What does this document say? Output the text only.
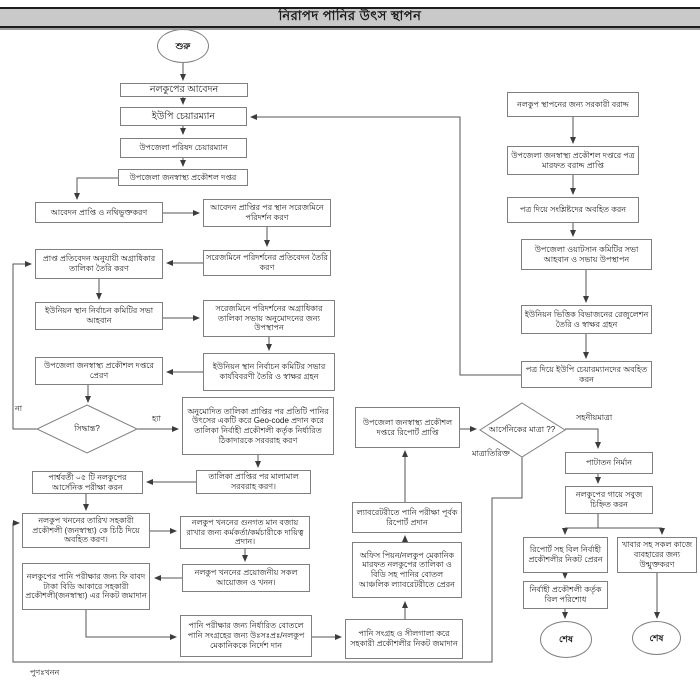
নিরাপদ পানির উৎস স্থাপন
শুরু
নলকুপের আবেদন
ইউপি চেয়ারম্যান
উপজেলা পরিষদ চেয়ারম্যান
উপজেলা জনস্বাস্থ্য প্রকৌশল দপ্তর
আবেদন প্রাপ্তি ও নথিভুক্তকরণ	আবেদন প্রাপ্তির পর স্থান সরেজমিনে পরিদর্শন করণ
প্রাপ্ত প্রতিবেদন অনুযায়ী অগ্রাধিকার তালিকা তৈরি করণ
সরেজমিনে পরিদর্শনের প্রতিবেদন তৈরি করণ
ইউনিয়ন স্থান নির্বাচন কমিটির সভা আহবান
সরেজমিনে পরিদর্শনের অগ্রাধিকার তালিকা সভায় অনুমোদনের জন্য উপস্থাপন
উপজেলা জনস্বাস্থ্য প্রকৌশল দপ্তরে প্রেরণ
ইউনিয়ন স্থান নির্বাচন কমিটির সভার কার্যবিবরণী তৈরি ও স্বাক্ষর গ্রহন
সিদ্ধান্ত?
অনুমোদিত তালিকা প্রাপ্তির পর প্রতিটি পানির উৎসের একটি করে Geo-code প্রদান করে তালিকা নির্বাহী প্রকৌশলী কর্তৃক নির্ধারিত ঠিকাদারকে সরবরাহ করণ
তালিকা প্রাপ্তির পর মালামাল সরবরাহ করণ।
পার্শ্ববর্তী ০৫ টি নলকুপের আর্সেনিক পরীক্ষা করন
নলকুপ খননের তারিখ সহকারী প্রকৌশলী (জনস্বাস্থ্য) কে চিঠি দিয়ে অবহিত করণ।
নলকুপ খননের গুনগত মান বজায় রাখার জন্য কর্মকর্তা/কর্মচারীকে দায়িত্ব প্রদান।
নলকুপের পানি পরীক্ষার জন্য ফি বাবদ টাকা বিডি আকারে সহকারী প্রকৌশলী(জনস্বাস্থ্য) এর নিকট জমাদান
নলকুপ খননের প্রয়োজনীয় সকল আয়োজন ও খনন।
পানি পরীক্ষার জন্য নির্ধারিত বোতলে পানি সংগ্রহের জন্য উঃসঃপ্রঃ/নলকুপ মেকানিককে নির্দেশ দান
পানি সংগ্রহ ও সীলগালা করে সহকারী প্রকৌশলীর নিকট জমাদান
অফিস পিয়ন/নলকুপ মেকানিক মারফত নলকুপের তালিকা ও বিডি সহ পানির বোতল আঞ্চলিক ল্যাবরেটরীতে প্রেরন
ল্যাবরেটরীতে পানি পরীক্ষা পূর্বক রিপোর্ট প্রদান
উপজেলা জনস্বাস্থ্য প্রকৌশল দপ্তরে রিপোর্ট প্রাপ্তি	আর্সেনিকের মাত্রা ??
পাটাতন নির্মান
নলকুপের গায়ে সবুজ চিহ্নিত করন
রিপোর্ট সহ বিল নির্বাহী প্রকৌশলীর নিকট প্রেরন
খাবার সহ সকল কাজে ব্যবহারের জন্য উন্মুক্তকরণ
নির্বাহী প্রকৌশলী কর্তৃক বিল পরিশোধ
শেষ	শেষ
নলকুপ স্থাপনের জন্য সরকারী বরাদ্দ
উপজেলা জনস্বাস্থ্য প্রকৌশল দপ্তরে পত্র মারফত বরাদ্দ প্রাপ্তি
পত্র দিয়ে সংশ্লিষ্টদের অবহিত করন
উপজেলা ওয়াটসান কমিটির সভা আহবান ও সভায় উপস্থাপন
ইউনিয়ন ভিত্তিক বিভাজনের রেজুলেশন তৈরি ও স্বাক্ষর গ্রহন
পত্র দিয়ে ইউপি চেয়ারম্যানদের অবহিত করন
না
হ্যা	সহনীয়মাত্রা
মাত্রাতিরিক্ত
পুণঃখনন
